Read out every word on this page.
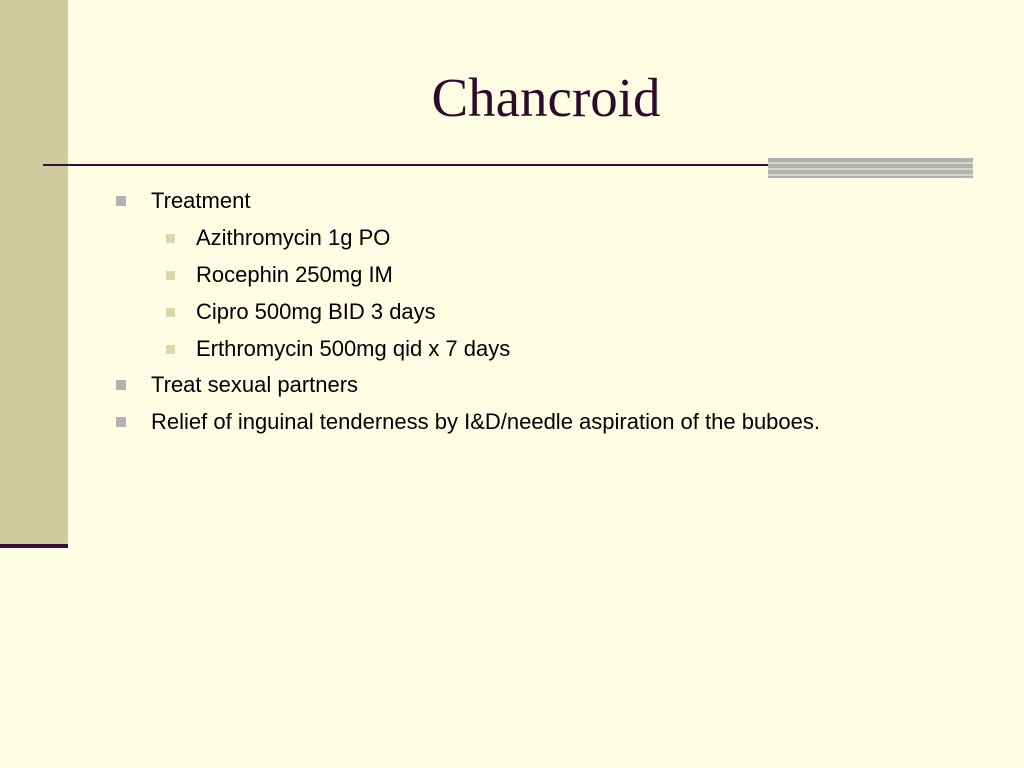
Chancroid
Treatment
Azithromycin 1g PO
Rocephin 250mg IM
Cipro 500mg BID 3 days
Erthromycin 500mg qid x 7 days
Treat sexual partners
Relief of inguinal tenderness by I&D/needle aspiration of the buboes.
